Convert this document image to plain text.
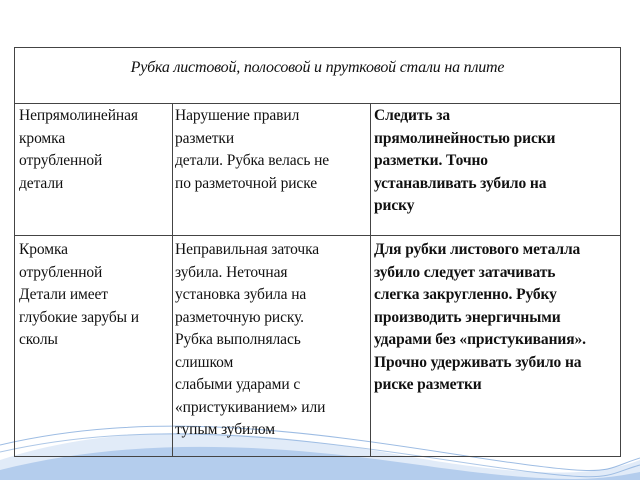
Рубка листовой, полосовой и прутковой стали на плите
Непрямолинейная
кромка
отрубленной
детали
Нарушение правил
разметки
детали. Рубка велась не
по разметочной риске
Следить за
прямолинейностью риски
разметки. Точно
устанавливать зубило на
риску
Кромка
отрубленной
Детали имеет
глубокие зарубы и
сколы
Неправильная заточка
зубила. Неточная
установка зубила на
разметочную риску.
Рубка выполнялась
слишком
слабыми ударами с
«пристукиванием» или
тупым зубилом
Для рубки листового металла
зубило следует затачивать
слегка закругленно. Рубку
производить энергичными
ударами без «пристукивания».
Прочно удерживать зубило на
риске разметки
